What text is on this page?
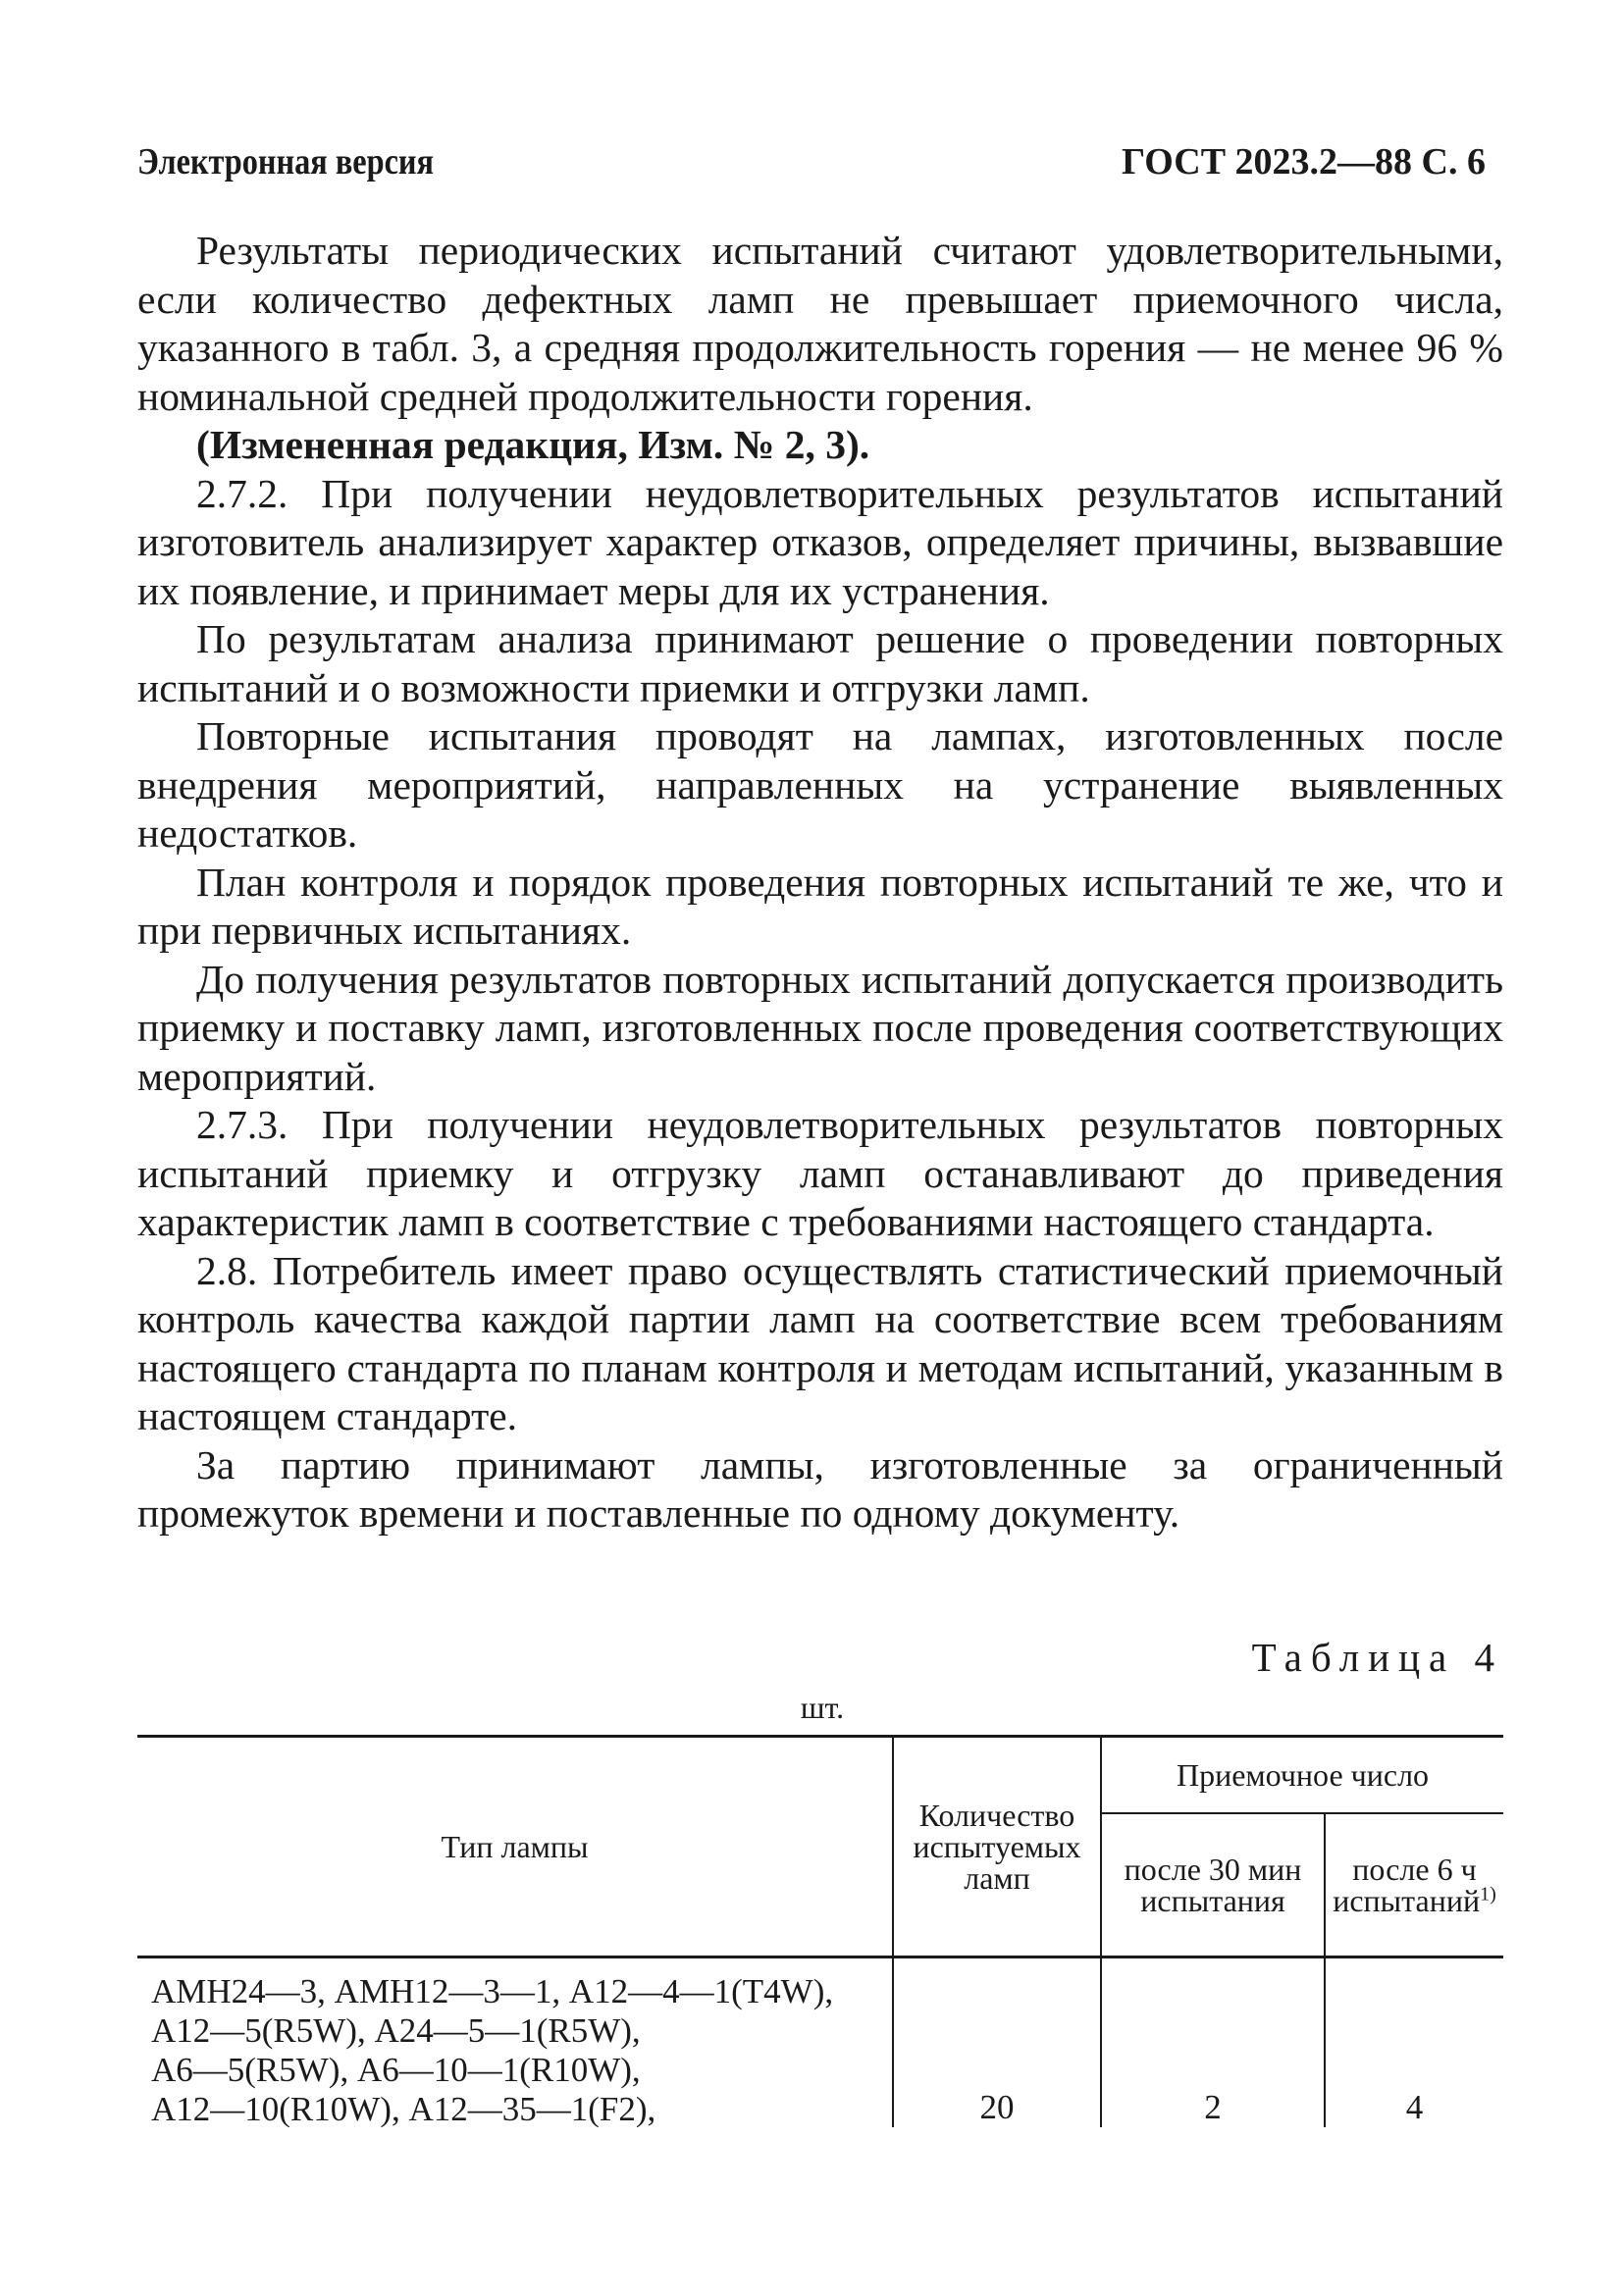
Электронная версия	ГОСТ 2023.2—88 С. 6

Результаты периодических испытаний считают удовлетворительными, если количество дефектных ламп не превышает приемочного числа, указанного в табл. 3, а средняя продолжительность горения — не менее 96 % номинальной средней продолжительности горения.

(Измененная редакция, Изм. № 2, 3).

2.7.2. При получении неудовлетворительных результатов испытаний изготовитель анализирует характер отказов, определяет причины, вызвавшие их появление, и принимает меры для их устранения.

По результатам анализа принимают решение о проведении повторных испытаний и о возможности приемки и отгрузки ламп.

Повторные испытания проводят на лампах, изготовленных после внедрения мероприятий, направленных на устранение выявленных недостатков.

План контроля и порядок проведения повторных испытаний те же, что и при первичных испытаниях.

До получения результатов повторных испытаний допускается производить приемку и поставку ламп, изготовленных после проведения соответствующих мероприятий.

2.7.3. При получении неудовлетворительных результатов повторных испытаний приемку и отгрузку ламп останавливают до приведения характеристик ламп в соответствие с требованиями настоящего стандарта.

2.8. Потребитель имеет право осуществлять статистический приемочный контроль качества каждой партии ламп на соответствие всем требованиям настоящего стандарта по планам контроля и методам испытаний, указанным в настоящем стандарте.

За партию принимают лампы, изготовленные за ограниченный промежуток времени и поставленные по одному документу.

Таблица 4
шт.
Тип лампы	Количество испытуемых ламп	Приемочное число	
		после 30 мин испытания	после 6 ч испытаний$^{1)}$
АМН24—3, АМН12—3—1, А12—4—1(Т4W),
А12—5(R5W), А24—5—1(R5W),
А6—5(R5W), А6—10—1(R10W),
А12—10(R10W), А12—35—1(F2),	20	2	4
